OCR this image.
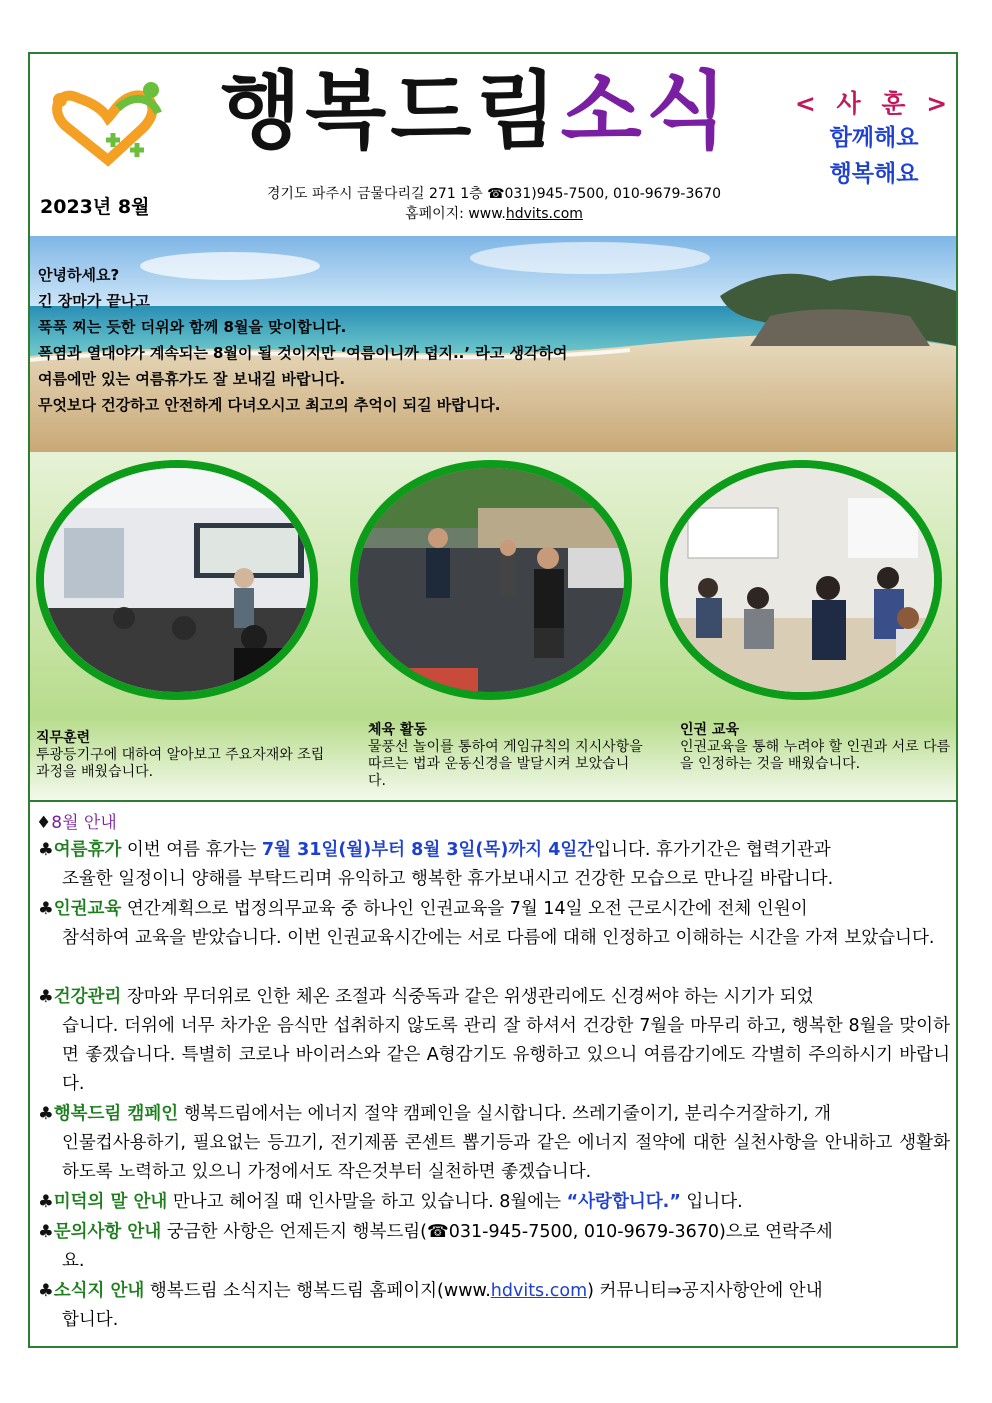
행복드림소식
2023년 8월
경기도 파주시 금물다리길 271 1층 ☎031)945-7500, 010-9679-3670
홈페이지: www.hdvits.com
< 사 훈 >
함께해요
행복해요
안녕하세요?
긴 장마가 끝나고
푹푹 찌는 듯한 더위와 함께 8월을 맞이합니다.
폭염과 열대야가 계속되는 8월이 될 것이지만 ‘여름이니까 덥지..’ 라고 생각하여
여름에만 있는 여름휴가도 잘 보내길 바랍니다.
무엇보다 건강하고 안전하게 다녀오시고 최고의 추억이 되길 바랍니다.
직무훈련
투광등기구에 대하여 알아보고 주요자재와 조립과정을 배웠습니다.
체육 활동
물풍선 놀이를 통하여 게임규칙의 지시사항을 따르는 법과 운동신경을 발달시켜 보았습니다.
인권 교육
인권교육을 통해 누려야 할 인권과 서로 다름을 인정하는 것을 배웠습니다.
♦8월 안내
♣여름휴가 이번 여름 휴가는 7월 31일(월)부터 8월 3일(목)까지 4일간입니다. 휴가기간은 협력기관과
조율한 일정이니 양해를 부탁드리며 유익하고 행복한 휴가보내시고 건강한 모습으로 만나길 바랍니다.
♣인권교육 연간계획으로 법정의무교육 중 하나인 인권교육을 7월 14일 오전 근로시간에 전체 인원이
참석하여 교육을 받았습니다. 이번 인권교육시간에는 서로 다름에 대해 인정하고 이해하는 시간을 가져 보았습니다.
♣건강관리 장마와 무더위로 인한 체온 조절과 식중독과 같은 위생관리에도 신경써야 하는 시기가 되었
습니다. 더위에 너무 차가운 음식만 섭취하지 않도록 관리 잘 하셔서 건강한 7월을 마무리 하고, 행복한 8월을 맞이하면 좋겠습니다. 특별히 코로나 바이러스와 같은 A형감기도 유행하고 있으니 여름감기에도 각별히 주의하시기 바랍니다.
♣행복드림 캠페인 행복드림에서는 에너지 절약 캠페인을 실시합니다. 쓰레기줄이기, 분리수거잘하기, 개
인물컵사용하기, 필요없는 등끄기, 전기제품 콘센트 뽑기등과 같은 에너지 절약에 대한 실천사항을 안내하고 생활화하도록 노력하고 있으니 가정에서도 작은것부터 실천하면 좋겠습니다.
♣미덕의 말 안내 만나고 헤어질 때 인사말을 하고 있습니다. 8월에는 “사랑합니다.” 입니다.
♣문의사항 안내 궁금한 사항은 언제든지 행복드림(☎031-945-7500, 010-9679-3670)으로 연락주세
요.
♣소식지 안내 행복드림 소식지는 행복드림 홈페이지(www.hdvits.com) 커뮤니티⇒공지사항안에 안내
합니다.
